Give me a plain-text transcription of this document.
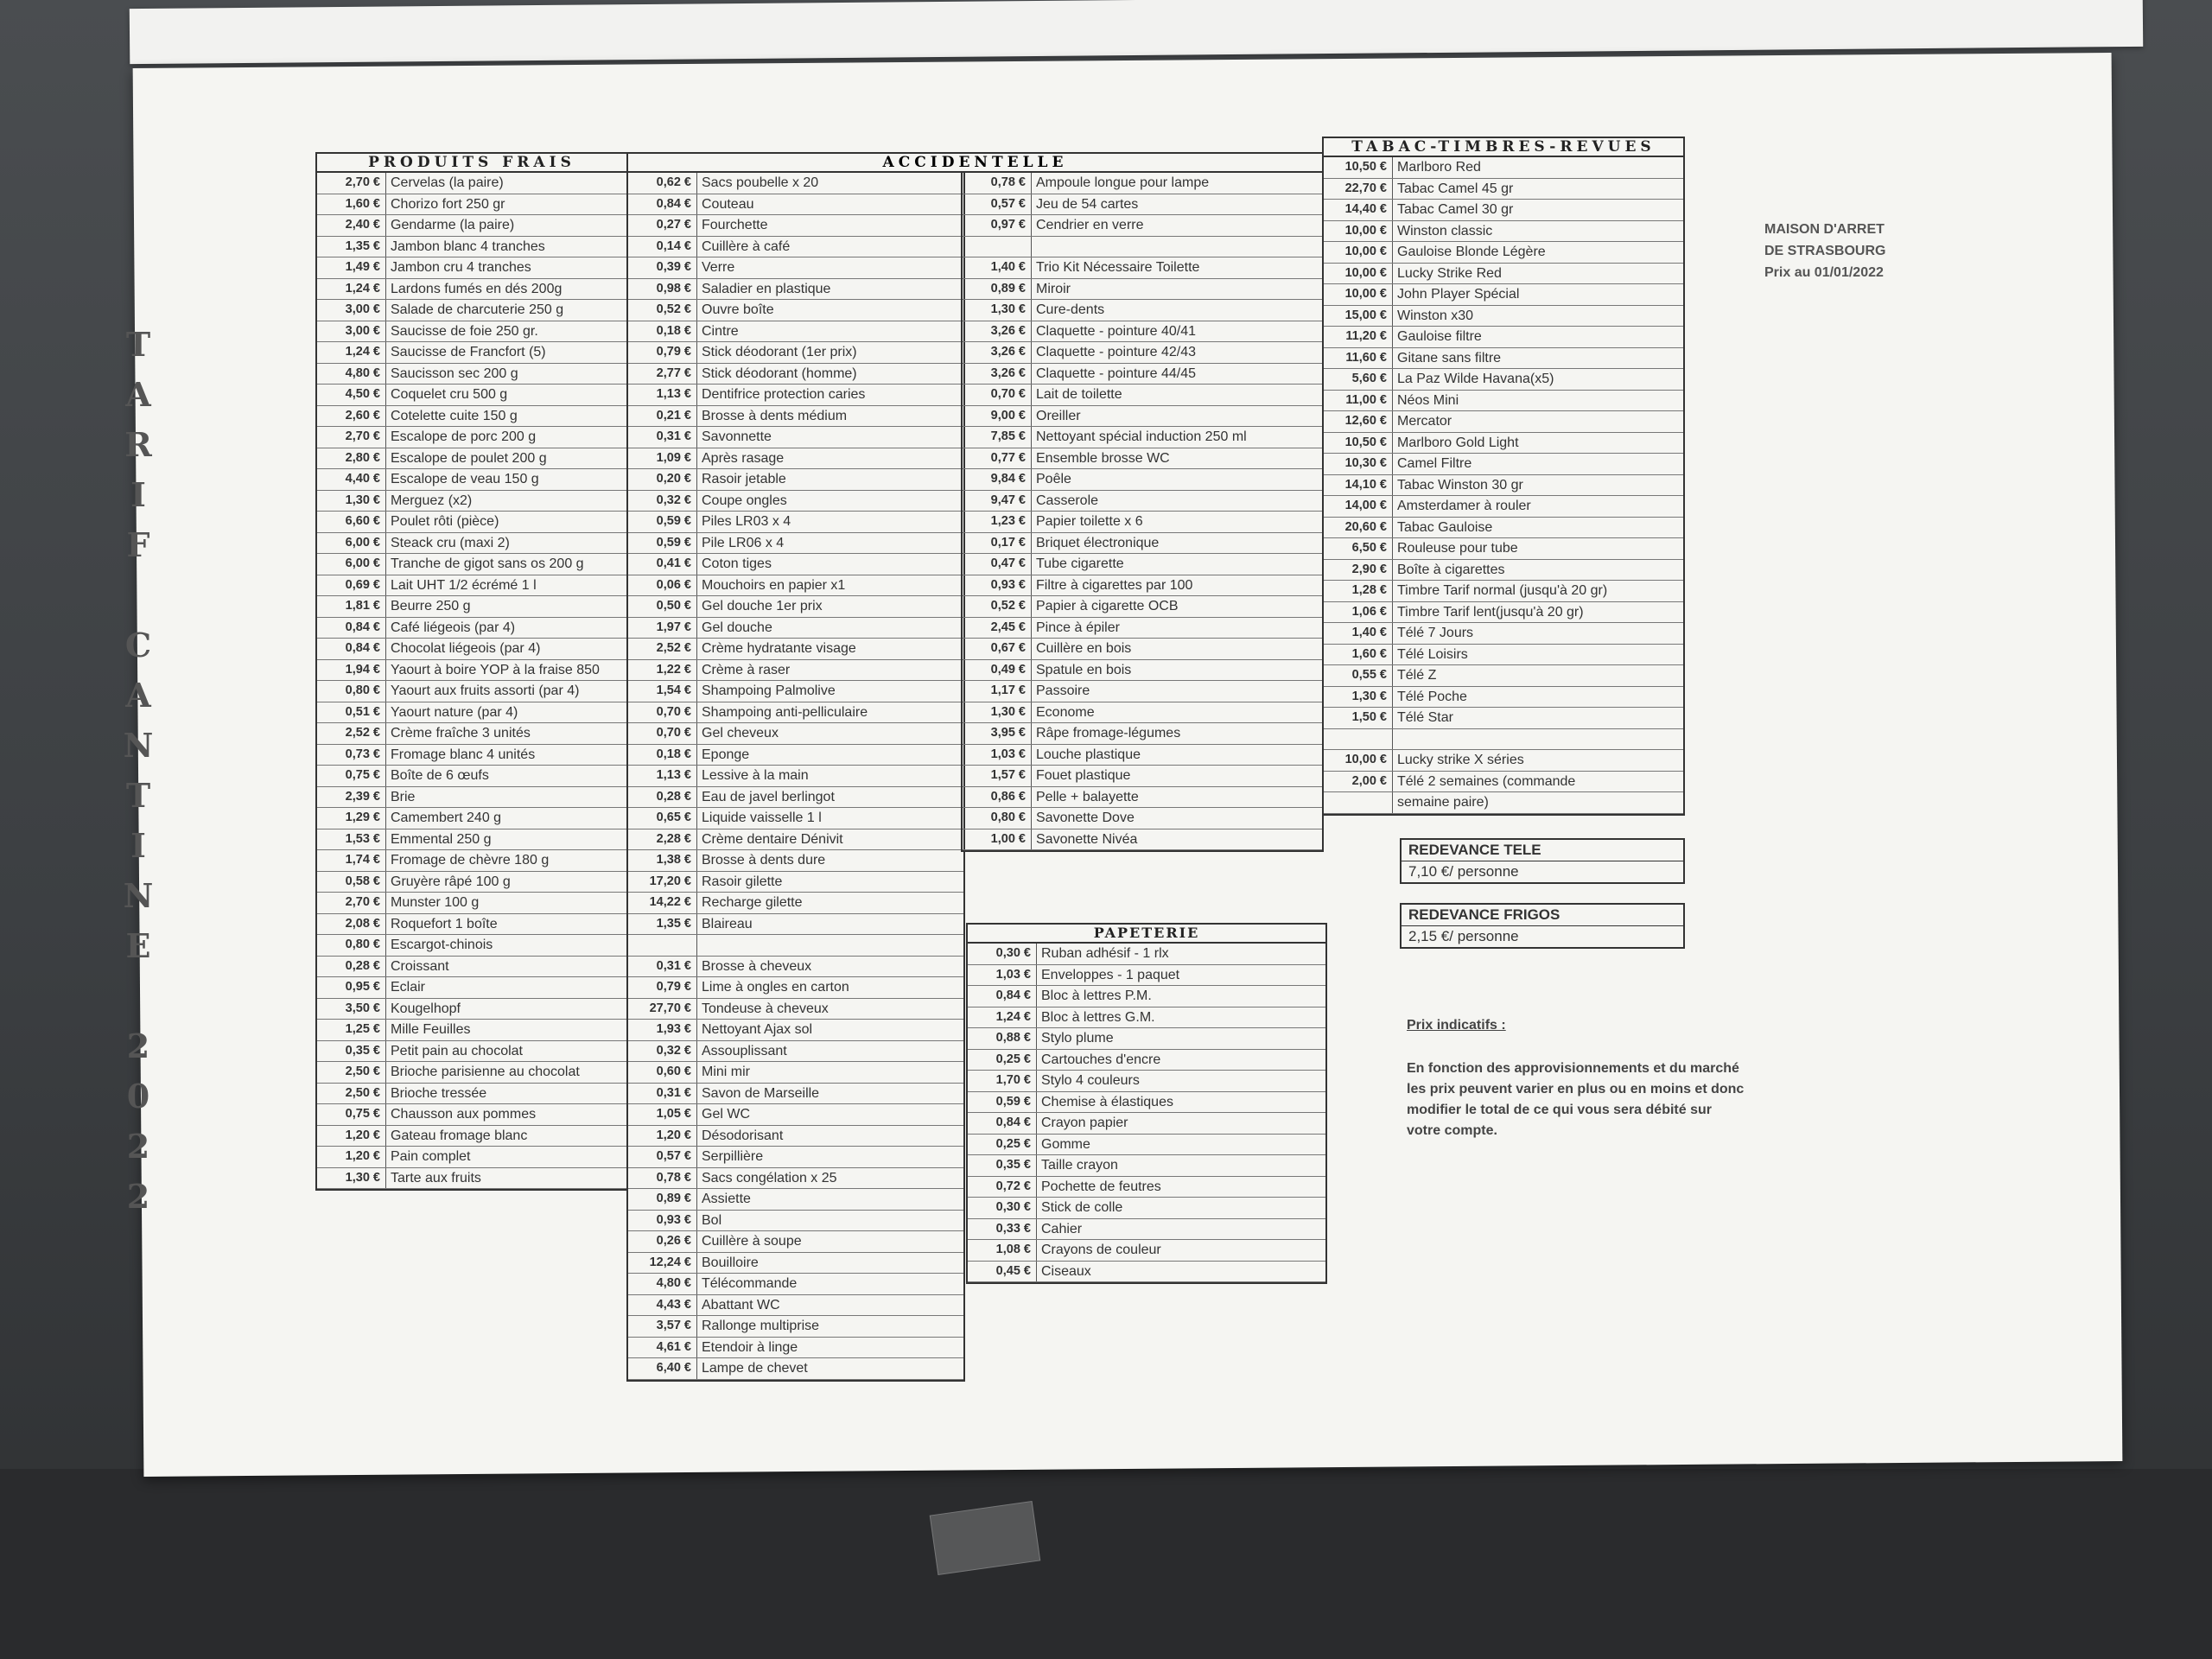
T
A
R
I
F
C
A
N
T
I
N
E
2
0
2
2
PRODUITS FRAIS
2,70 € Cervelas (la paire)
1,60 € Chorizo fort 250 gr
2,40 € Gendarme (la paire)
1,35 € Jambon blanc 4 tranches
1,49 € Jambon cru 4 tranches
1,24 € Lardons fumés en dés 200g
3,00 € Salade de charcuterie 250 g
3,00 € Saucisse de foie 250 gr.
1,24 € Saucisse de Francfort (5)
4,80 € Saucisson sec 200 g
4,50 € Coquelet cru 500 g
2,60 € Cotelette cuite 150 g
2,70 € Escalope de porc 200 g
2,80 € Escalope de poulet 200 g
4,40 € Escalope de veau 150 g
1,30 € Merguez (x2)
6,60 € Poulet rôti (pièce)
6,00 € Steack cru (maxi 2)
6,00 € Tranche de gigot sans os 200 g
0,69 € Lait UHT 1/2 écrémé 1 l
1,81 € Beurre 250 g
0,84 € Café liégeois (par 4)
0,84 € Chocolat liégeois (par 4)
1,94 € Yaourt à boire YOP à la fraise 850
0,80 € Yaourt aux fruits assorti (par 4)
0,51 € Yaourt nature (par 4)
2,52 € Crème fraîche 3 unités
0,73 € Fromage blanc 4 unités
0,75 € Boîte de 6 œufs
2,39 € Brie
1,29 € Camembert 240 g
1,53 € Emmental 250 g
1,74 € Fromage de chèvre 180 g
0,58 € Gruyère râpé 100 g
2,70 € Munster 100 g
2,08 € Roquefort 1 boîte
0,80 € Escargot-chinois
0,28 € Croissant
0,95 € Eclair
3,50 € Kougelhopf
1,25 € Mille Feuilles
0,35 € Petit pain au chocolat
2,50 € Brioche parisienne au chocolat
2,50 € Brioche tressée
0,75 € Chausson aux pommes
1,20 € Gateau fromage blanc
1,20 € Pain complet
1,30 € Tarte aux fruits
ACCIDENTELLE
0,62 € Sacs poubelle x 20
0,84 € Couteau
0,27 € Fourchette
0,14 € Cuillère à café
0,39 € Verre
0,98 € Saladier en plastique
0,52 € Ouvre boîte
0,18 € Cintre
0,79 € Stick déodorant (1er prix)
2,77 € Stick déodorant (homme)
1,13 € Dentifrice protection caries
0,21 € Brosse à dents médium
0,31 € Savonnette
1,09 € Après rasage
0,20 € Rasoir jetable
0,32 € Coupe ongles
0,59 € Piles LR03 x 4
0,59 € Pile LR06 x 4
0,41 € Coton tiges
0,06 € Mouchoirs en papier x1
0,50 € Gel douche 1er prix
1,97 € Gel douche
2,52 € Crème hydratante visage
1,22 € Crème à raser
1,54 € Shampoing Palmolive
0,70 € Shampoing anti-pelliculaire
0,70 € Gel cheveux
0,18 € Eponge
1,13 € Lessive à la main
0,28 € Eau de javel berlingot
0,65 € Liquide vaisselle 1 l
2,28 € Crème dentaire Dénivit
1,38 € Brosse à dents dure
17,20 € Rasoir gilette
14,22 € Recharge gilette
1,35 € Blaireau
0,31 € Brosse à cheveux
0,79 € Lime à ongles en carton
27,70 € Tondeuse à cheveux
1,93 € Nettoyant Ajax sol
0,32 € Assouplissant
0,60 € Mini mir
0,31 € Savon de Marseille
1,05 € Gel WC
1,20 € Désodorisant
0,57 € Serpillière
0,78 € Sacs congélation x 25
0,89 € Assiette
0,93 € Bol
0,26 € Cuillère à soupe
12,24 € Bouilloire
4,80 € Télécommande
4,43 € Abattant WC
3,57 € Rallonge multiprise
4,61 € Etendoir à linge
6,40 € Lampe de chevet
0,78 € Ampoule longue pour lampe
0,57 € Jeu de 54 cartes
0,97 € Cendrier en verre
1,40 € Trio Kit Nécessaire Toilette
0,89 € Miroir
1,30 € Cure-dents
3,26 € Claquette - pointure 40/41
3,26 € Claquette - pointure 42/43
3,26 € Claquette - pointure 44/45
0,70 € Lait de toilette
9,00 € Oreiller
7,85 € Nettoyant spécial induction 250 ml
0,77 € Ensemble brosse WC
9,84 € Poêle
9,47 € Casserole
1,23 € Papier toilette x 6
0,17 € Briquet électronique
0,47 € Tube cigarette
0,93 € Filtre à cigarettes par 100
0,52 € Papier à cigarette OCB
2,45 € Pince à épiler
0,67 € Cuillère en bois
0,49 € Spatule en bois
1,17 € Passoire
1,30 € Econome
3,95 € Râpe fromage-légumes
1,03 € Louche plastique
1,57 € Fouet plastique
0,86 € Pelle + balayette
0,80 € Savonette Dove
1,00 € Savonette Nivéa
PAPETERIE
0,30 € Ruban adhésif - 1 rlx
1,03 € Enveloppes - 1 paquet
0,84 € Bloc à lettres P.M.
1,24 € Bloc à lettres G.M.
0,88 € Stylo plume
0,25 € Cartouches d'encre
1,70 € Stylo 4 couleurs
0,59 € Chemise à élastiques
0,84 € Crayon papier
0,25 € Gomme
0,35 € Taille crayon
0,72 € Pochette de feutres
0,30 € Stick de colle
0,33 € Cahier
1,08 € Crayons de couleur
0,45 € Ciseaux
TABAC-TIMBRES-REVUES
10,50 € Marlboro Red
22,70 € Tabac Camel 45 gr
14,40 € Tabac Camel 30 gr
10,00 € Winston classic
10,00 € Gauloise Blonde Légère
10,00 € Lucky Strike Red
10,00 € John Player Spécial
15,00 € Winston x30
11,20 € Gauloise filtre
11,60 € Gitane sans filtre
5,60 € La Paz Wilde Havana(x5)
11,00 € Néos Mini
12,60 € Mercator
10,50 € Marlboro Gold Light
10,30 € Camel Filtre
14,10 € Tabac Winston 30 gr
14,00 € Amsterdamer à rouler
20,60 € Tabac Gauloise
6,50 € Rouleuse pour tube
2,90 € Boîte à cigarettes
1,28 € Timbre Tarif normal (jusqu'à 20 gr)
1,06 € Timbre Tarif lent(jusqu'à 20 gr)
1,40 € Télé 7 Jours
1,60 € Télé Loisirs
0,55 € Télé Z
1,30 € Télé Poche
1,50 € Télé Star
10,00 € Lucky strike X séries
2,00 € Télé 2 semaines (commande
semaine paire)
REDEVANCE TELE
7,10 €/ personne
REDEVANCE FRIGOS
2,15 €/ personne
MAISON D'ARRET
DE STRASBOURG
Prix au 01/01/2022
Prix indicatifs :
En fonction des approvisionnements et du marché
les prix peuvent varier en plus ou en moins et donc
modifier le total de ce qui vous sera débité sur
votre compte.
